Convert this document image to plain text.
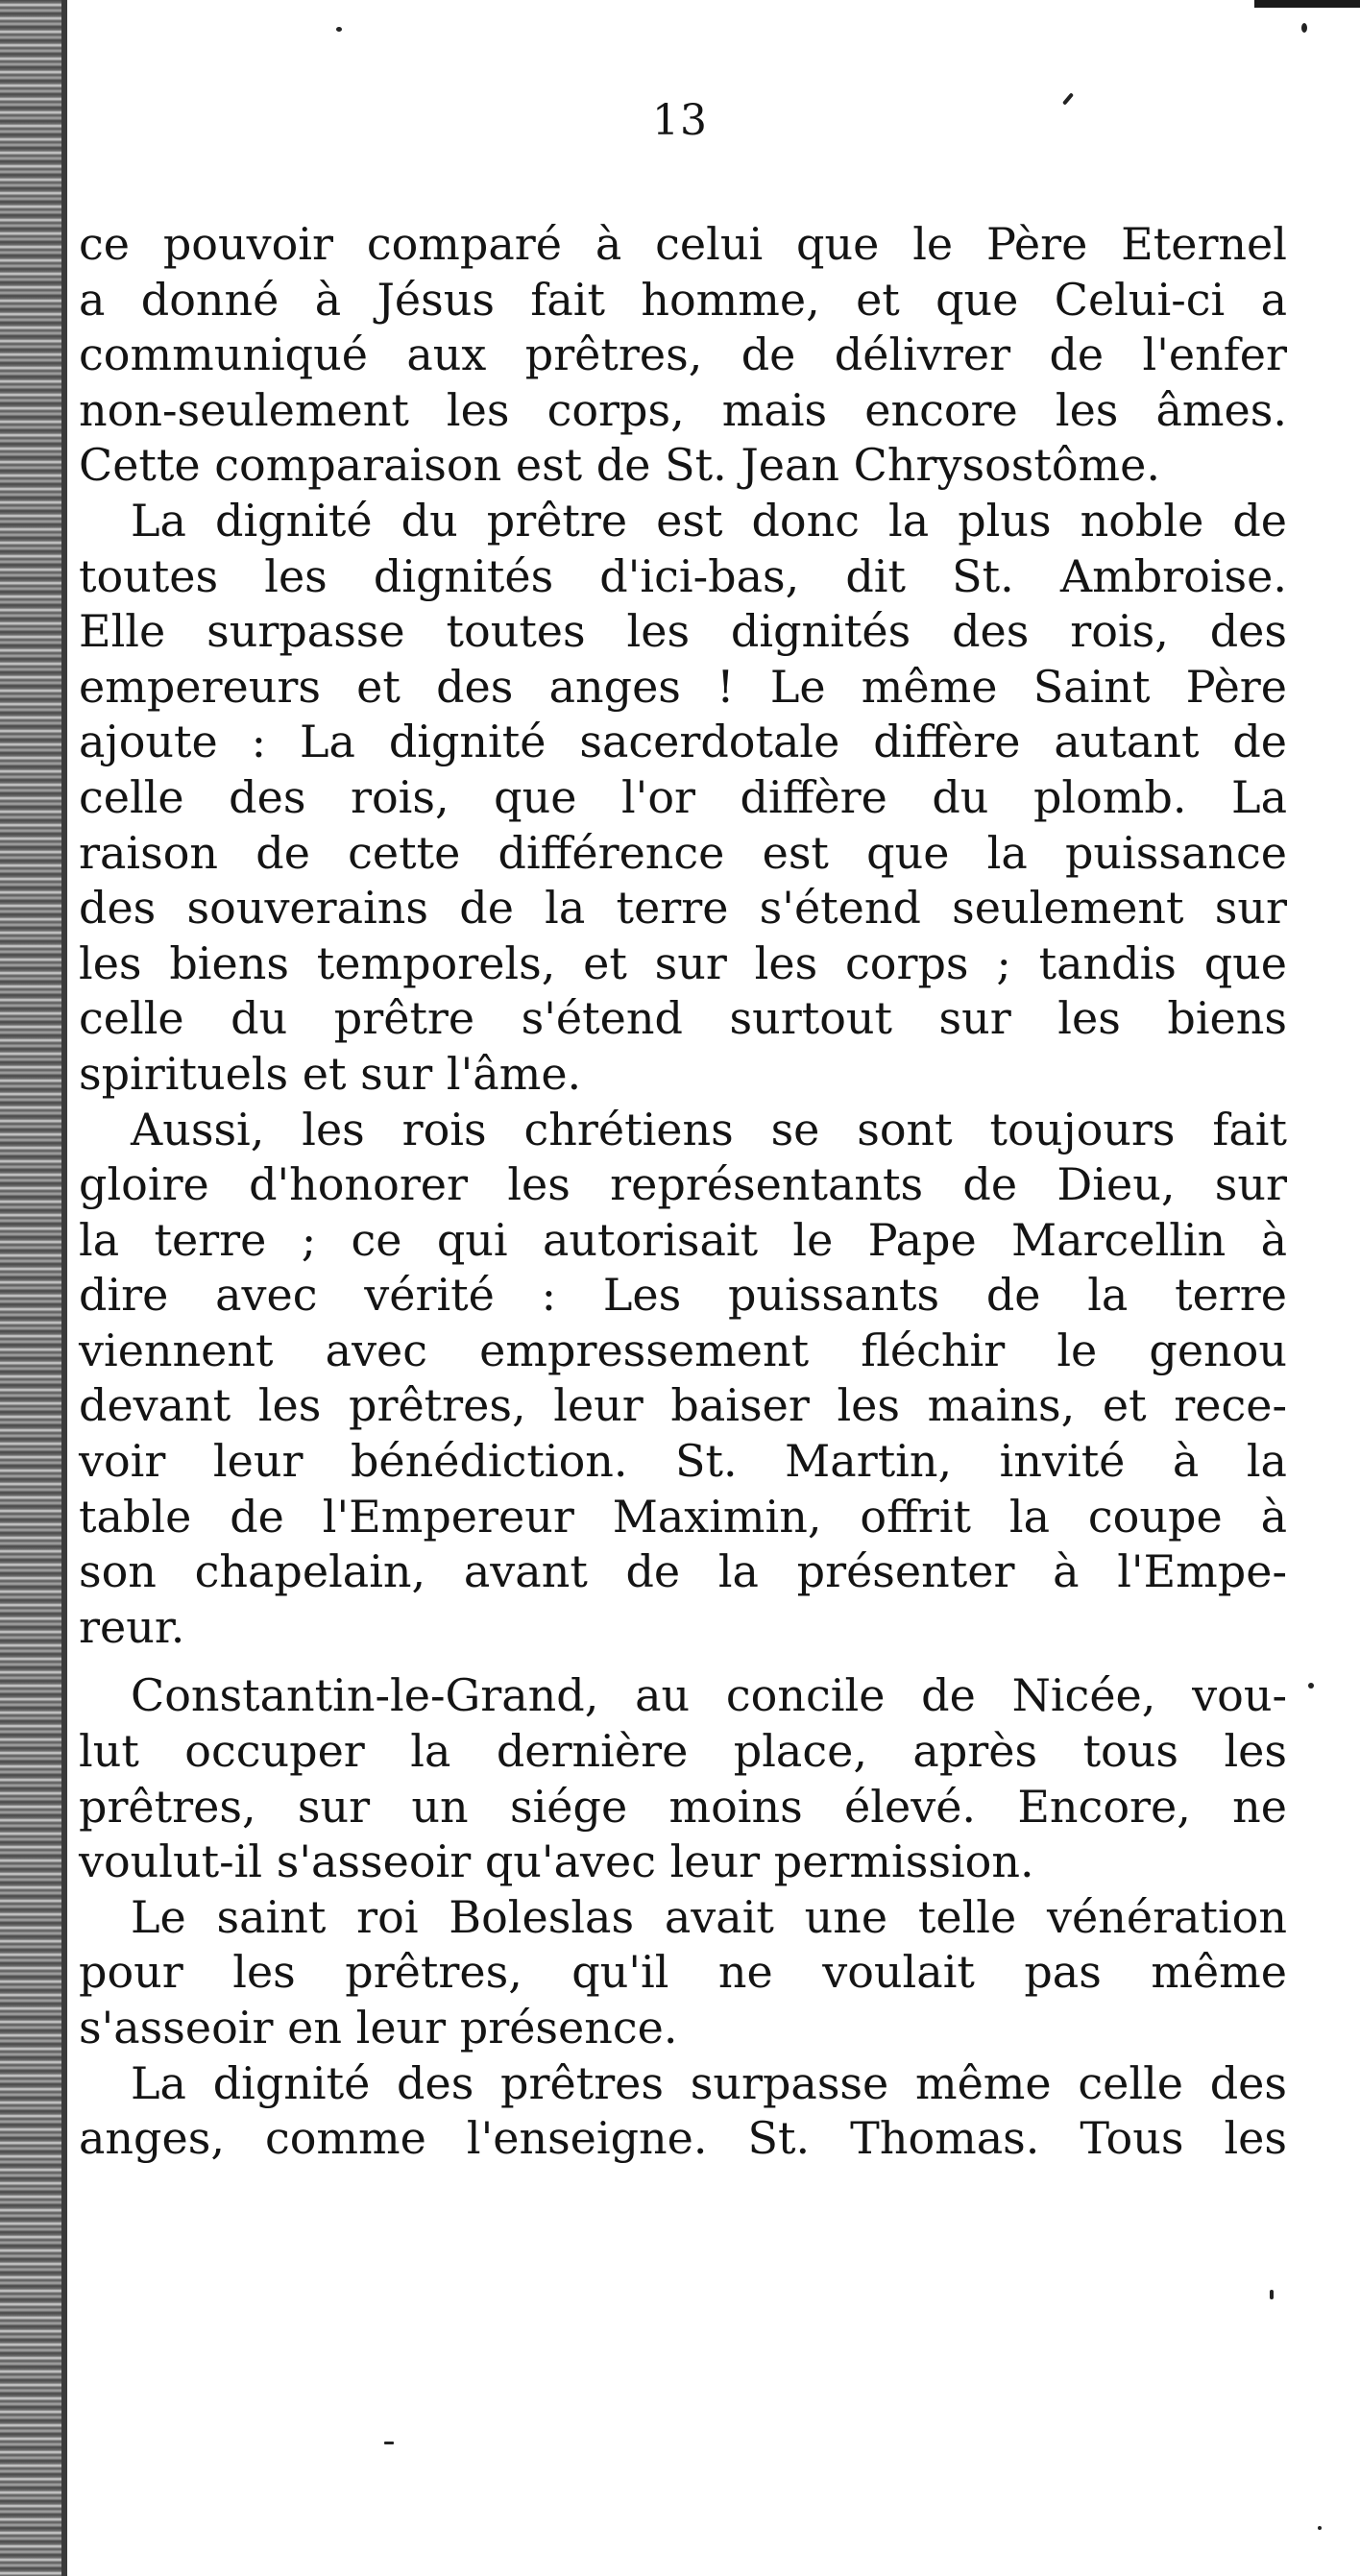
13
ce pouvoir comparé à celui que le Père Eternel
a donné à Jésus fait homme, et que Celui-ci a
communiqué aux prêtres, de délivrer de l'enfer
non-seulement les corps, mais encore les âmes.
Cette comparaison est de St. Jean Chrysostôme.
La dignité du prêtre est donc la plus noble de
toutes les dignités d'ici-bas, dit St. Ambroise.
Elle surpasse toutes les dignités des rois, des
empereurs et des anges ! Le même Saint Père
ajoute : La dignité sacerdotale diffère autant de
celle des rois, que l'or diffère du plomb. La
raison de cette différence est que la puissance
des souverains de la terre s'étend seulement sur
les biens temporels, et sur les corps ; tandis que
celle du prêtre s'étend surtout sur les biens
spirituels et sur l'âme.
Aussi, les rois chrétiens se sont toujours fait
gloire d'honorer les représentants de Dieu, sur
la terre ; ce qui autorisait le Pape Marcellin à
dire avec vérité : Les puissants de la terre
viennent avec empressement fléchir le genou
devant les prêtres, leur baiser les mains, et rece-
voir leur bénédiction. St. Martin, invité à la
table de l'Empereur Maximin, offrit la coupe à
son chapelain, avant de la présenter à l'Empe-
reur.
Constantin-le-Grand, au concile de Nicée, vou-
lut occuper la dernière place, après tous les
prêtres, sur un siége moins élevé. Encore, ne
voulut-il s'asseoir qu'avec leur permission.
Le saint roi Boleslas avait une telle vénération
pour les prêtres, qu'il ne voulait pas même
s'asseoir en leur présence.
La dignité des prêtres surpasse même celle des
anges, comme l'enseigne. St. Thomas. Tous les
